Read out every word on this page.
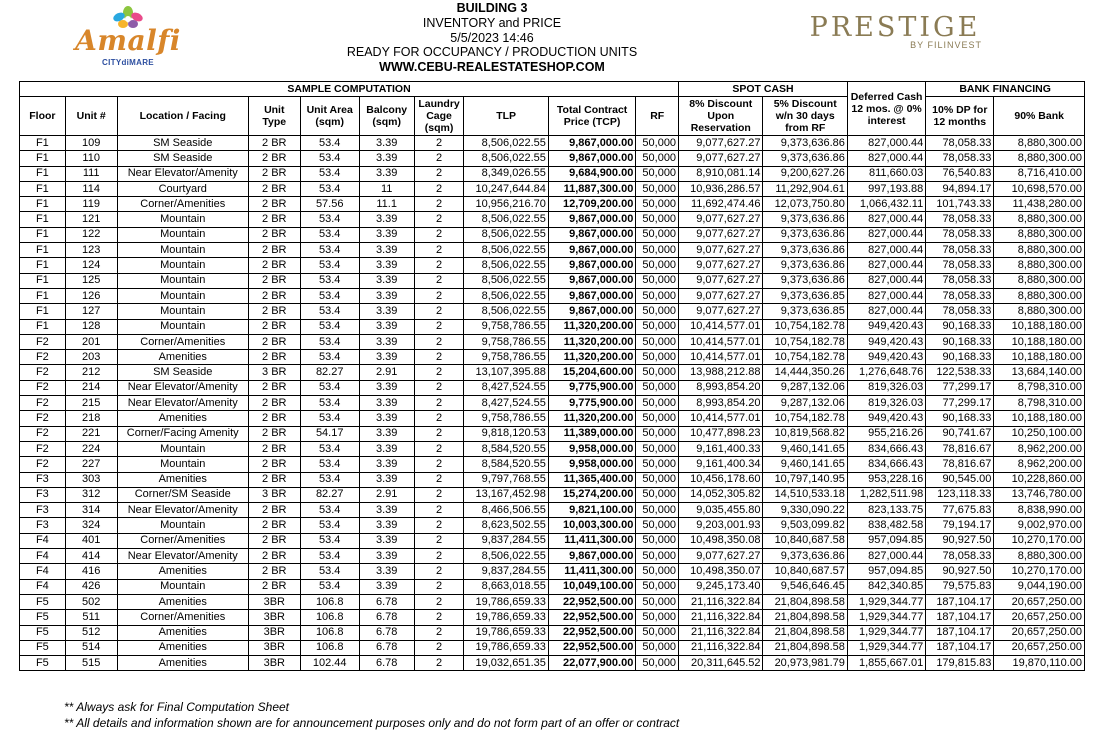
Amalfi
CITYdiMARE
PRESTIGE
BY FILINVEST
BUILDING 3
INVENTORY and PRICE
5/5/2023 14:46
READY FOR OCCUPANCY / PRODUCTION UNITS
WWW.CEBU-REALESTATESHOP.COM
SAMPLE COMPUTATION										SPOT CASH		Deferred Cash 12 mos. @ 0% interest	BANK FINANCING	
Floor	Unit #	Location / Facing	Unit Type	Unit Area (sqm)	Balcony (sqm)	Laundry Cage (sqm)	TLP	Total Contract Price (TCP)	RF	8% Discount Upon Reservation	5% Discount w/n 30 days from RF		10% DP for 12 months	90% Bank
F1	109	SM Seaside	2 BR	53.4	3.39	2	8,506,022.55	9,867,000.00	50,000	9,077,627.27	9,373,636.86	827,000.44	78,058.33	8,880,300.00
F1	110	SM Seaside	2 BR	53.4	3.39	2	8,506,022.55	9,867,000.00	50,000	9,077,627.27	9,373,636.86	827,000.44	78,058.33	8,880,300.00
F1	111	Near Elevator/Amenity	2 BR	53.4	3.39	2	8,349,026.55	9,684,900.00	50,000	8,910,081.14	9,200,627.26	811,660.03	76,540.83	8,716,410.00
F1	114	Courtyard	2 BR	53.4	11	2	10,247,644.84	11,887,300.00	50,000	10,936,286.57	11,292,904.61	997,193.88	94,894.17	10,698,570.00
F1	119	Corner/Amenities	2 BR	57.56	11.1	2	10,956,216.70	12,709,200.00	50,000	11,692,474.46	12,073,750.80	1,066,432.11	101,743.33	11,438,280.00
F1	121	Mountain	2 BR	53.4	3.39	2	8,506,022.55	9,867,000.00	50,000	9,077,627.27	9,373,636.86	827,000.44	78,058.33	8,880,300.00
F1	122	Mountain	2 BR	53.4	3.39	2	8,506,022.55	9,867,000.00	50,000	9,077,627.27	9,373,636.86	827,000.44	78,058.33	8,880,300.00
F1	123	Mountain	2 BR	53.4	3.39	2	8,506,022.55	9,867,000.00	50,000	9,077,627.27	9,373,636.86	827,000.44	78,058.33	8,880,300.00
F1	124	Mountain	2 BR	53.4	3.39	2	8,506,022.55	9,867,000.00	50,000	9,077,627.27	9,373,636.86	827,000.44	78,058.33	8,880,300.00
F1	125	Mountain	2 BR	53.4	3.39	2	8,506,022.55	9,867,000.00	50,000	9,077,627.27	9,373,636.86	827,000.44	78,058.33	8,880,300.00
F1	126	Mountain	2 BR	53.4	3.39	2	8,506,022.55	9,867,000.00	50,000	9,077,627.27	9,373,636.85	827,000.44	78,058.33	8,880,300.00
F1	127	Mountain	2 BR	53.4	3.39	2	8,506,022.55	9,867,000.00	50,000	9,077,627.27	9,373,636.85	827,000.44	78,058.33	8,880,300.00
F1	128	Mountain	2 BR	53.4	3.39	2	9,758,786.55	11,320,200.00	50,000	10,414,577.01	10,754,182.78	949,420.43	90,168.33	10,188,180.00
F2	201	Corner/Amenities	2 BR	53.4	3.39	2	9,758,786.55	11,320,200.00	50,000	10,414,577.01	10,754,182.78	949,420.43	90,168.33	10,188,180.00
F2	203	Amenities	2 BR	53.4	3.39	2	9,758,786.55	11,320,200.00	50,000	10,414,577.01	10,754,182.78	949,420.43	90,168.33	10,188,180.00
F2	212	SM Seaside	3 BR	82.27	2.91	2	13,107,395.88	15,204,600.00	50,000	13,988,212.88	14,444,350.26	1,276,648.76	122,538.33	13,684,140.00
F2	214	Near Elevator/Amenity	2 BR	53.4	3.39	2	8,427,524.55	9,775,900.00	50,000	8,993,854.20	9,287,132.06	819,326.03	77,299.17	8,798,310.00
F2	215	Near Elevator/Amenity	2 BR	53.4	3.39	2	8,427,524.55	9,775,900.00	50,000	8,993,854.20	9,287,132.06	819,326.03	77,299.17	8,798,310.00
F2	218	Amenities	2 BR	53.4	3.39	2	9,758,786.55	11,320,200.00	50,000	10,414,577.01	10,754,182.78	949,420.43	90,168.33	10,188,180.00
F2	221	Corner/Facing Amenity	2 BR	54.17	3.39	2	9,818,120.53	11,389,000.00	50,000	10,477,898.23	10,819,568.82	955,216.26	90,741.67	10,250,100.00
F2	224	Mountain	2 BR	53.4	3.39	2	8,584,520.55	9,958,000.00	50,000	9,161,400.33	9,460,141.65	834,666.43	78,816.67	8,962,200.00
F2	227	Mountain	2 BR	53.4	3.39	2	8,584,520.55	9,958,000.00	50,000	9,161,400.34	9,460,141.65	834,666.43	78,816.67	8,962,200.00
F3	303	Amenities	2 BR	53.4	3.39	2	9,797,768.55	11,365,400.00	50,000	10,456,178.60	10,797,140.95	953,228.16	90,545.00	10,228,860.00
F3	312	Corner/SM Seaside	3 BR	82.27	2.91	2	13,167,452.98	15,274,200.00	50,000	14,052,305.82	14,510,533.18	1,282,511.98	123,118.33	13,746,780.00
F3	314	Near Elevator/Amenity	2 BR	53.4	3.39	2	8,466,506.55	9,821,100.00	50,000	9,035,455.80	9,330,090.22	823,133.75	77,675.83	8,838,990.00
F3	324	Mountain	2 BR	53.4	3.39	2	8,623,502.55	10,003,300.00	50,000	9,203,001.93	9,503,099.82	838,482.58	79,194.17	9,002,970.00
F4	401	Corner/Amenities	2 BR	53.4	3.39	2	9,837,284.55	11,411,300.00	50,000	10,498,350.08	10,840,687.58	957,094.85	90,927.50	10,270,170.00
F4	414	Near Elevator/Amenity	2 BR	53.4	3.39	2	8,506,022.55	9,867,000.00	50,000	9,077,627.27	9,373,636.86	827,000.44	78,058.33	8,880,300.00
F4	416	Amenities	2 BR	53.4	3.39	2	9,837,284.55	11,411,300.00	50,000	10,498,350.07	10,840,687.57	957,094.85	90,927.50	10,270,170.00
F4	426	Mountain	2 BR	53.4	3.39	2	8,663,018.55	10,049,100.00	50,000	9,245,173.40	9,546,646.45	842,340.85	79,575.83	9,044,190.00
F5	502	Amenities	3BR	106.8	6.78	2	19,786,659.33	22,952,500.00	50,000	21,116,322.84	21,804,898.58	1,929,344.77	187,104.17	20,657,250.00
F5	511	Corner/Amenities	3BR	106.8	6.78	2	19,786,659.33	22,952,500.00	50,000	21,116,322.84	21,804,898.58	1,929,344.77	187,104.17	20,657,250.00
F5	512	Amenities	3BR	106.8	6.78	2	19,786,659.33	22,952,500.00	50,000	21,116,322.84	21,804,898.58	1,929,344.77	187,104.17	20,657,250.00
F5	514	Amenities	3BR	106.8	6.78	2	19,786,659.33	22,952,500.00	50,000	21,116,322.84	21,804,898.58	1,929,344.77	187,104.17	20,657,250.00
F5	515	Amenities	3BR	102.44	6.78	2	19,032,651.35	22,077,900.00	50,000	20,311,645.52	20,973,981.79	1,855,667.01	179,815.83	19,870,110.00
** Always ask for Final Computation Sheet
** All details and information shown are for announcement purposes only and do not form part of an offer or contract
